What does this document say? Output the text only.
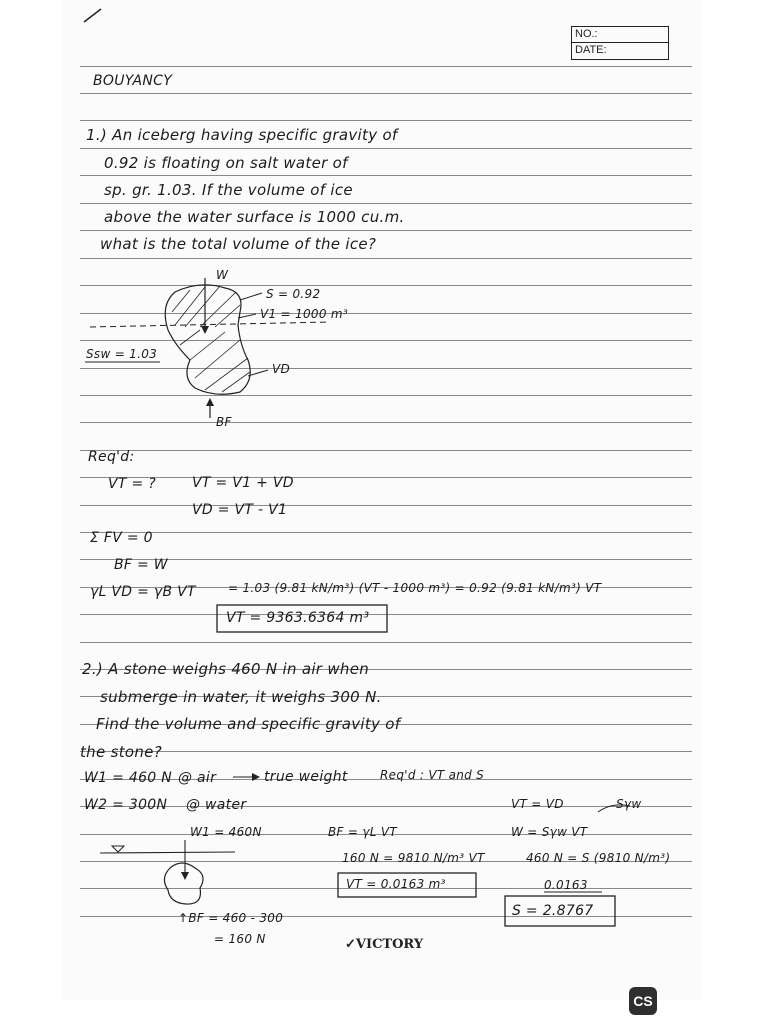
NO.:
DATE:
BOUYANCY
1.) An iceberg having specific gravity of
0.92 is floating on salt water of
sp. gr. 1.03. If the volume of ice
above the water surface is 1000 cu.m.
what is the total volume of the ice?
W
S = 0.92
V1 = 1000 m³
Ssw = 1.03
VD
BF
Req'd:
VT = ?	VT = V1 + VD
VD = VT - V1
Σ FV = 0
BF = W
γL VD = γB VT	= 1.03 (9.81 kN/m³) (VT - 1000 m³) = 0.92 (9.81 kN/m³) VT
VT = 9363.6364 m³
2.) A stone weighs 460 N in air when
submerge in water, it weighs 300 N.
Find the volume and specific gravity of
the stone?
W1 = 460 N @ air	true weight	Req'd : VT and S
W2 = 300N @ water	VT = VD	Sγw
W1 = 460N	BF = γL VT	W = Sγw VT
160 N = 9810 N/m³ VT	460 N = S (9810 N/m³)
VT = 0.0163 m³	0.0163
↑BF = 460 - 300
= 160 N
S = 2.8767
✓VICTORY
CS
